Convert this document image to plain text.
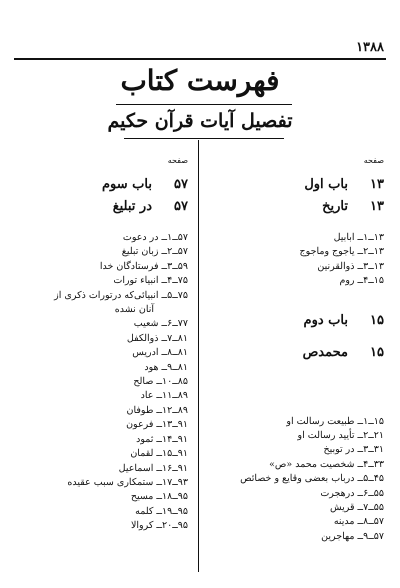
۱۳۸۸
فهرست کتاب
تفصیل آیات قرآن حکیم
صفحه
۱۳
باب اول
۱۳
تاریخ
۱۳ــ۱ــ ابابیل
۱۳ــ۲ــ یاجوج وماجوج
۱۳ــ۳ــ ذوالقرنین
۱۵ــ۴ــ روم
۱۵
باب دوم
۱۵
محمدص
۱۵ــ۱ــ طبیعت رسالت او
۲۱ــ۲ــ تأیید رسالت او
۳۱ــ۳ــ در توبیخ
۳۳ــ۴ــ شخصیت محمد «ص»
۴۵ــ۵ــ درباب بعضی وقایع و خصائص
۵۵ــ۶ــ درهجرت
۵۵ــ۷ــ قریش
۵۷ــ۸ــ مدینه
۵۷ــ۹ــ مهاجرین
صفحه
۵۷
باب سوم
۵۷
در تبلیغ
۵۷ــ۱ــ در دعوت
۵۷ــ۲ــ زبان تبلیغ
۵۹ــ۳ــ فرستادگان خدا
۷۵ــ۴ــ انبیاء تورات
۷۵ــ۵ــ انبیائی‌که درتورات ذکری از
آنان نشده
۷۷ــ۶ــ شعیب
۸۱ــ۷ــ ذوالکفل
۸۱ــ۸ــ ادریس
۸۱ــ۹ــ هود
۸۵ــ۱۰ــ صالح
۸۹ــ۱۱ــ عاد
۸۹ــ۱۲ــ طوفان
۹۱ــ۱۳ــ فرعون
۹۱ــ۱۴ــ ثمود
۹۱ــ۱۵ــ لقمان
۹۱ــ۱۶ــ اسماعیل
۹۳ــ۱۷ــ ستمکاری سبب عقیده
۹۵ــ۱۸ــ مسیح
۹۵ــ۱۹ــ کلمه
۹۵ــ۲۰ــ کروالا
